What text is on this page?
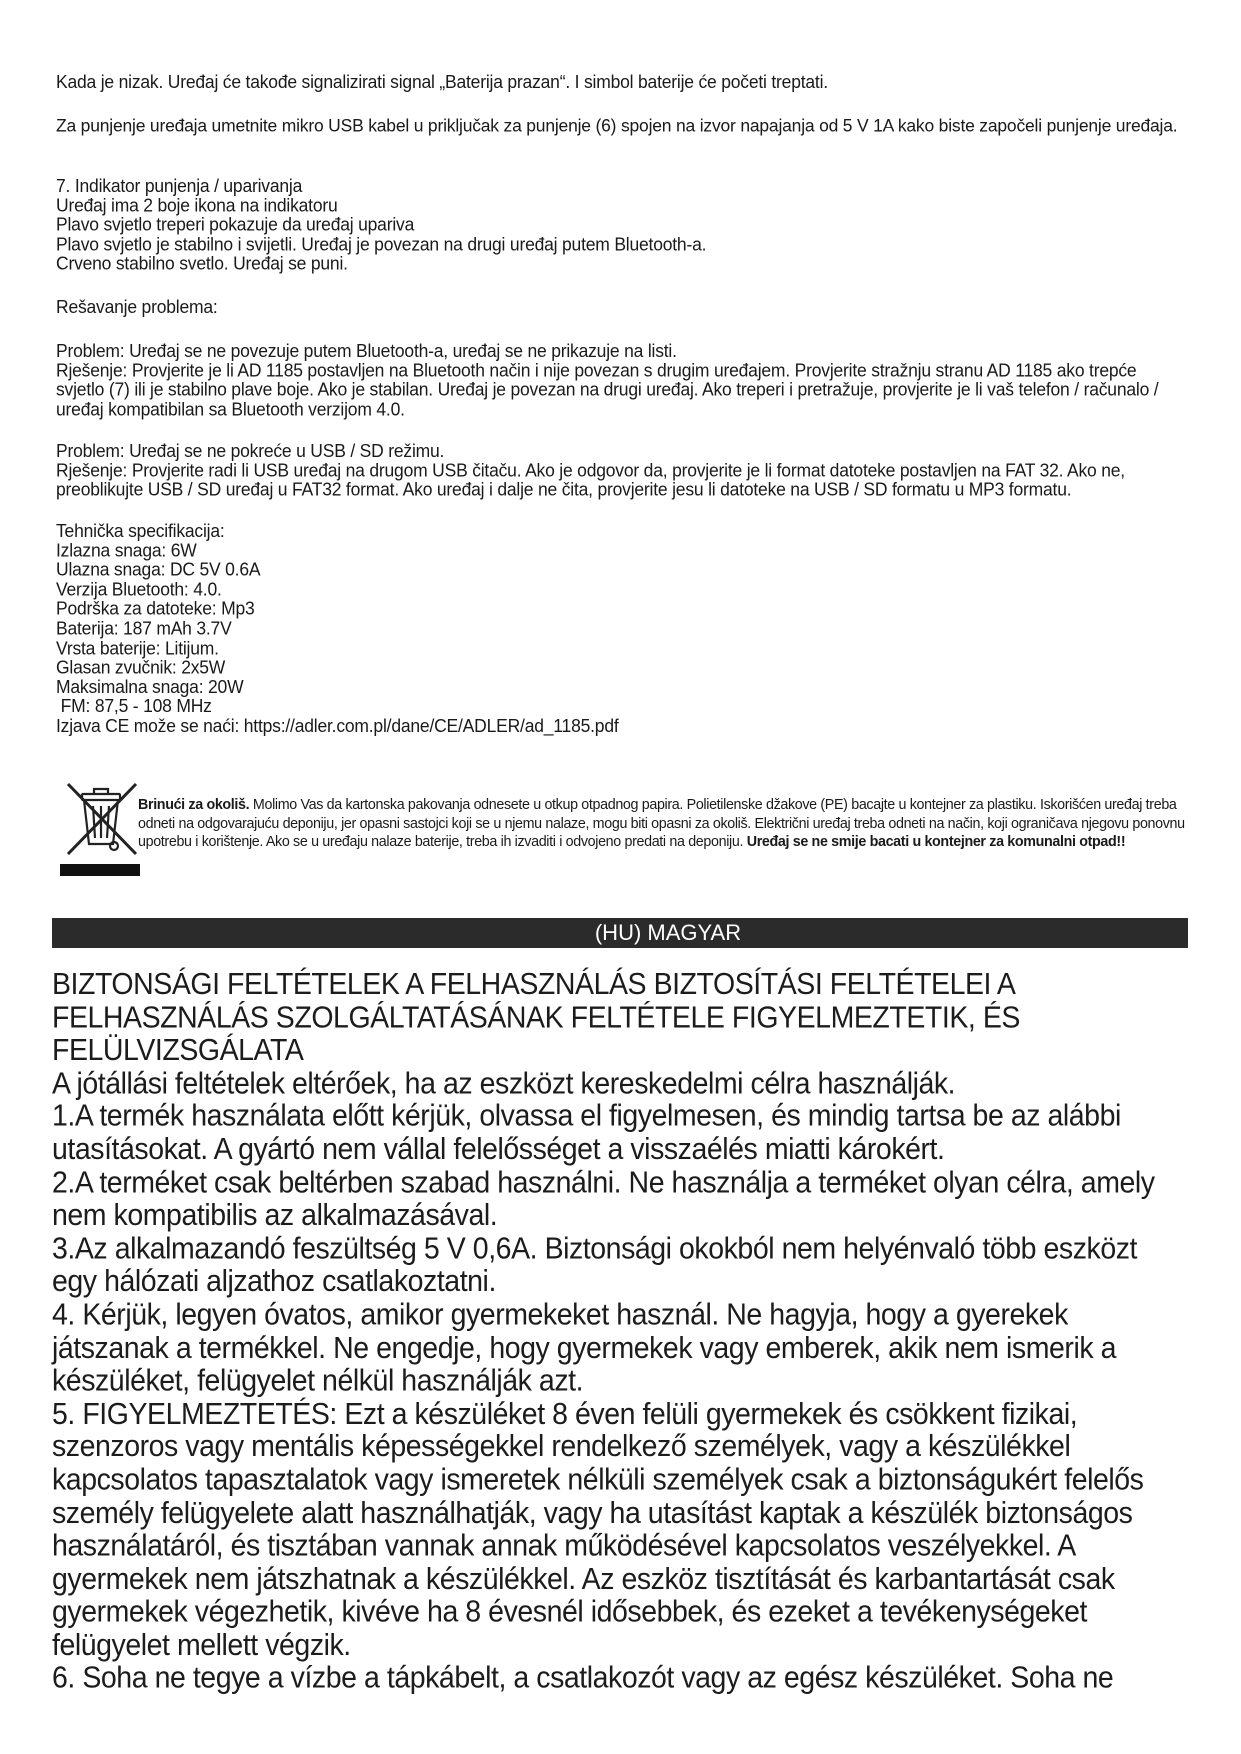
Kada je nizak. Uređaj će takođe signalizirati signal „Baterija prazan“. I simbol baterije će početi treptati.

Za punjenje uređaja umetnite mikro USB kabel u priključak za punjenje (6) spojen na izvor napajanja od 5 V 1A kako biste započeli punjenje uređaja.

7. Indikator punjenja / uparivanja

Uređaj ima 2 boje ikona na indikatoru

Plavo svjetlo treperi pokazuje da uređaj upariva

Plavo svjetlo je stabilno i svijetli. Uređaj je povezan na drugi uređaj putem Bluetooth-a.

Crveno stabilno svetlo. Uređaj se puni.

Rešavanje problema:

Problem: Uređaj se ne povezuje putem Bluetooth-a, uređaj se ne prikazuje na listi.

Rješenje: Provjerite je li AD 1185 postavljen na Bluetooth način i nije povezan s drugim uređajem. Provjerite stražnju stranu AD 1185 ako trepće svjetlo (7) ili je stabilno plave boje. Ako je stabilan. Uređaj je povezan na drugi uređaj. Ako treperi i pretražuje, provjerite je li vaš telefon / računalo / uređaj kompatibilan sa Bluetooth verzijom 4.0.

Problem: Uređaj se ne pokreće u USB / SD režimu.

Rješenje: Provjerite radi li USB uređaj na drugom USB čitaču. Ako je odgovor da, provjerite je li format datoteke postavljen na FAT 32. Ako ne, preoblikujte USB / SD uređaj u FAT32 format. Ako uređaj i dalje ne čita, provjerite jesu li datoteke na USB / SD formatu u MP3 formatu.

Tehnička specifikacija:

Izlazna snaga: 6W

Ulazna snaga: DC 5V 0.6A

Verzija Bluetooth: 4.0.

Podrška za datoteke: Mp3

Baterija: 187 mAh 3.7V

Vrsta baterije: Litijum.

Glasan zvučnik: 2x5W

Maksimalna snaga: 20W

FM: 87,5 - 108 MHz

Izjava CE može se naći: https://adler.com.pl/dane/CE/ADLER/ad_1185.pdf

Brinući za okoliš. Molimo Vas da kartonska pakovanja odnesete u otkup otpadnog papira. Polietilenske džakove (PE) bacajte u kontejner za plastiku. Iskorišćen uređaj treba odneti na odgovarajuću deponiju, jer opasni sastojci koji se u njemu nalaze, mogu biti opasni za okoliš. Električni uređaj treba odneti na način, koji ograničava njegovu ponovnu upotrebu i korištenje. Ako se u uređaju nalaze baterije, treba ih izvaditi i odvojeno predati na deponiju. Uređaj se ne smije bacati u kontejner za komunalni otpad!!
(HU) MAGYAR

BIZTONSÁGI FELTÉTELEK A FELHASZNÁLÁS BIZTOSÍTÁSI FELTÉTELEI A FELHASZNÁLÁS SZOLGÁLTATÁSÁNAK FELTÉTELE FIGYELMEZTETIK, ÉS FELÜLVIZSGÁLATA

A jótállási feltételek eltérőek, ha az eszközt kereskedelmi célra használják.

1.A termék használata előtt kérjük, olvassa el figyelmesen, és mindig tartsa be az alábbi utasításokat. A gyártó nem vállal felelősséget a visszaélés miatti károkért.

2.A terméket csak beltérben szabad használni. Ne használja a terméket olyan célra, amely nem kompatibilis az alkalmazásával.

3.Az alkalmazandó feszültség 5 V 0,6A. Biztonsági okokból nem helyénvaló több eszközt egy hálózati aljzathoz csatlakoztatni.

4. Kérjük, legyen óvatos, amikor gyermekeket használ. Ne hagyja, hogy a gyerekek játszanak a termékkel. Ne engedje, hogy gyermekek vagy emberek, akik nem ismerik a készüléket, felügyelet nélkül használják azt.

5. FIGYELMEZTETÉS: Ezt a készüléket 8 éven felüli gyermekek és csökkent fizikai, szenzoros vagy mentális képességekkel rendelkező személyek, vagy a készülékkel kapcsolatos tapasztalatok vagy ismeretek nélküli személyek csak a biztonságukért felelős személy felügyelete alatt használhatják, vagy ha utasítást kaptak a készülék biztonságos használatáról, és tisztában vannak annak működésével kapcsolatos veszélyekkel. A gyermekek nem játszhatnak a készülékkel. Az eszköz tisztítását és karbantartását csak gyermekek végezhetik, kivéve ha 8 évesnél idősebbek, és ezeket a tevékenységeket felügyelet mellett végzik.

6. Soha ne tegye a vízbe a tápkábelt, a csatlakozót vagy az egész készüléket. Soha ne
